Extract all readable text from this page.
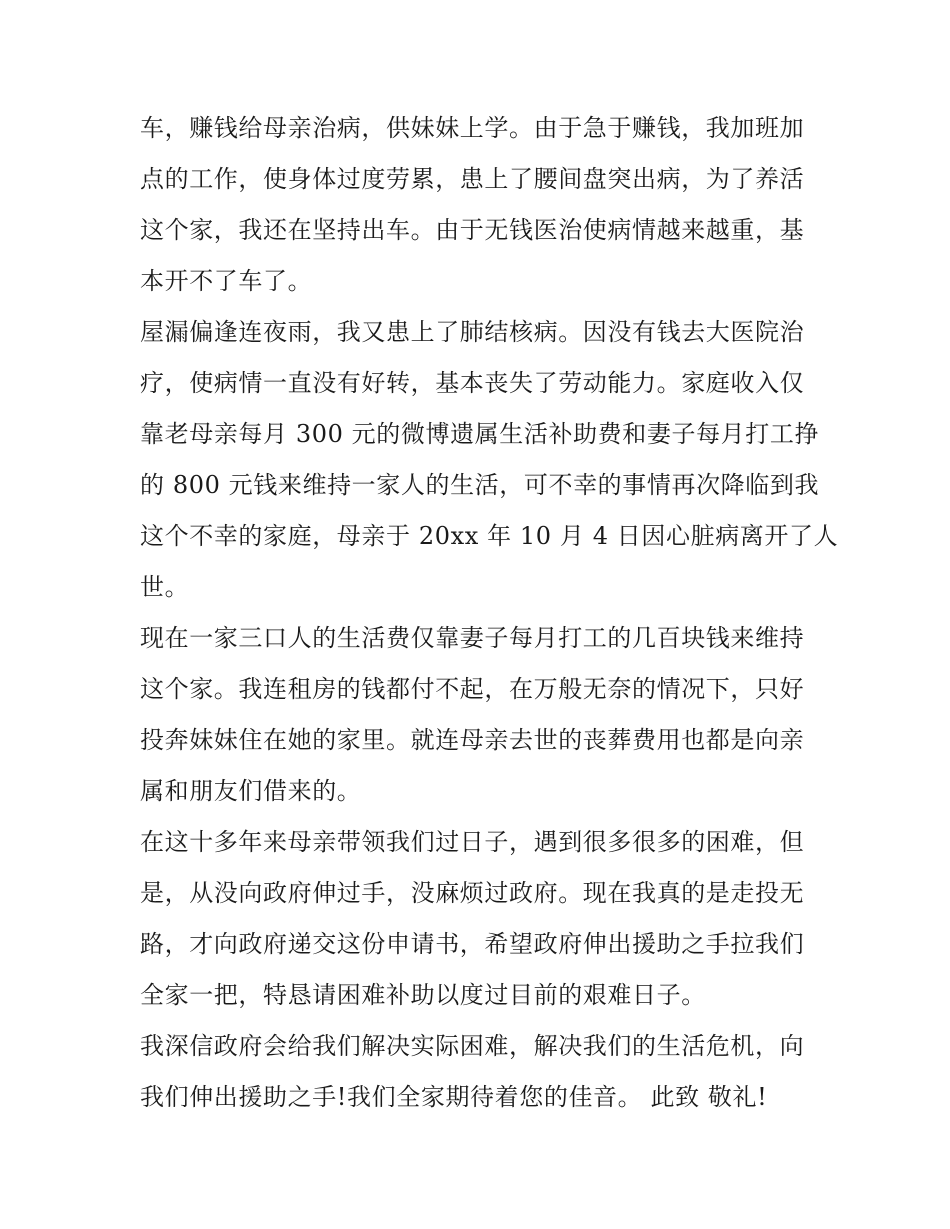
车，赚钱给母亲治病，供妹妹上学。由于急于赚钱，我加班加
点的工作，使身体过度劳累，患上了腰间盘突出病，为了养活
这个家，我还在坚持出车。由于无钱医治使病情越来越重，基
本开不了车了。
屋漏偏逢连夜雨，我又患上了肺结核病。因没有钱去大医院治
疗，使病情一直没有好转，基本丧失了劳动能力。家庭收入仅
靠老母亲每月 300 元的微博遗属生活补助费和妻子每月打工挣
的 800 元钱来维持一家人的生活，可不幸的事情再次降临到我
这个不幸的家庭，母亲于 20xx 年 10 月 4 日因心脏病离开了人
世。
现在一家三口人的生活费仅靠妻子每月打工的几百块钱来维持
这个家。我连租房的钱都付不起，在万般无奈的情况下，只好
投奔妹妹住在她的家里。就连母亲去世的丧葬费用也都是向亲
属和朋友们借来的。
在这十多年来母亲带领我们过日子，遇到很多很多的困难，但
是，从没向政府伸过手，没麻烦过政府。现在我真的是走投无
路，才向政府递交这份申请书，希望政府伸出援助之手拉我们
全家一把，特恳请困难补助以度过目前的艰难日子。
我深信政府会给我们解决实际困难，解决我们的生活危机，向
我们伸出援助之手!我们全家期待着您的佳音。 此致 敬礼!
